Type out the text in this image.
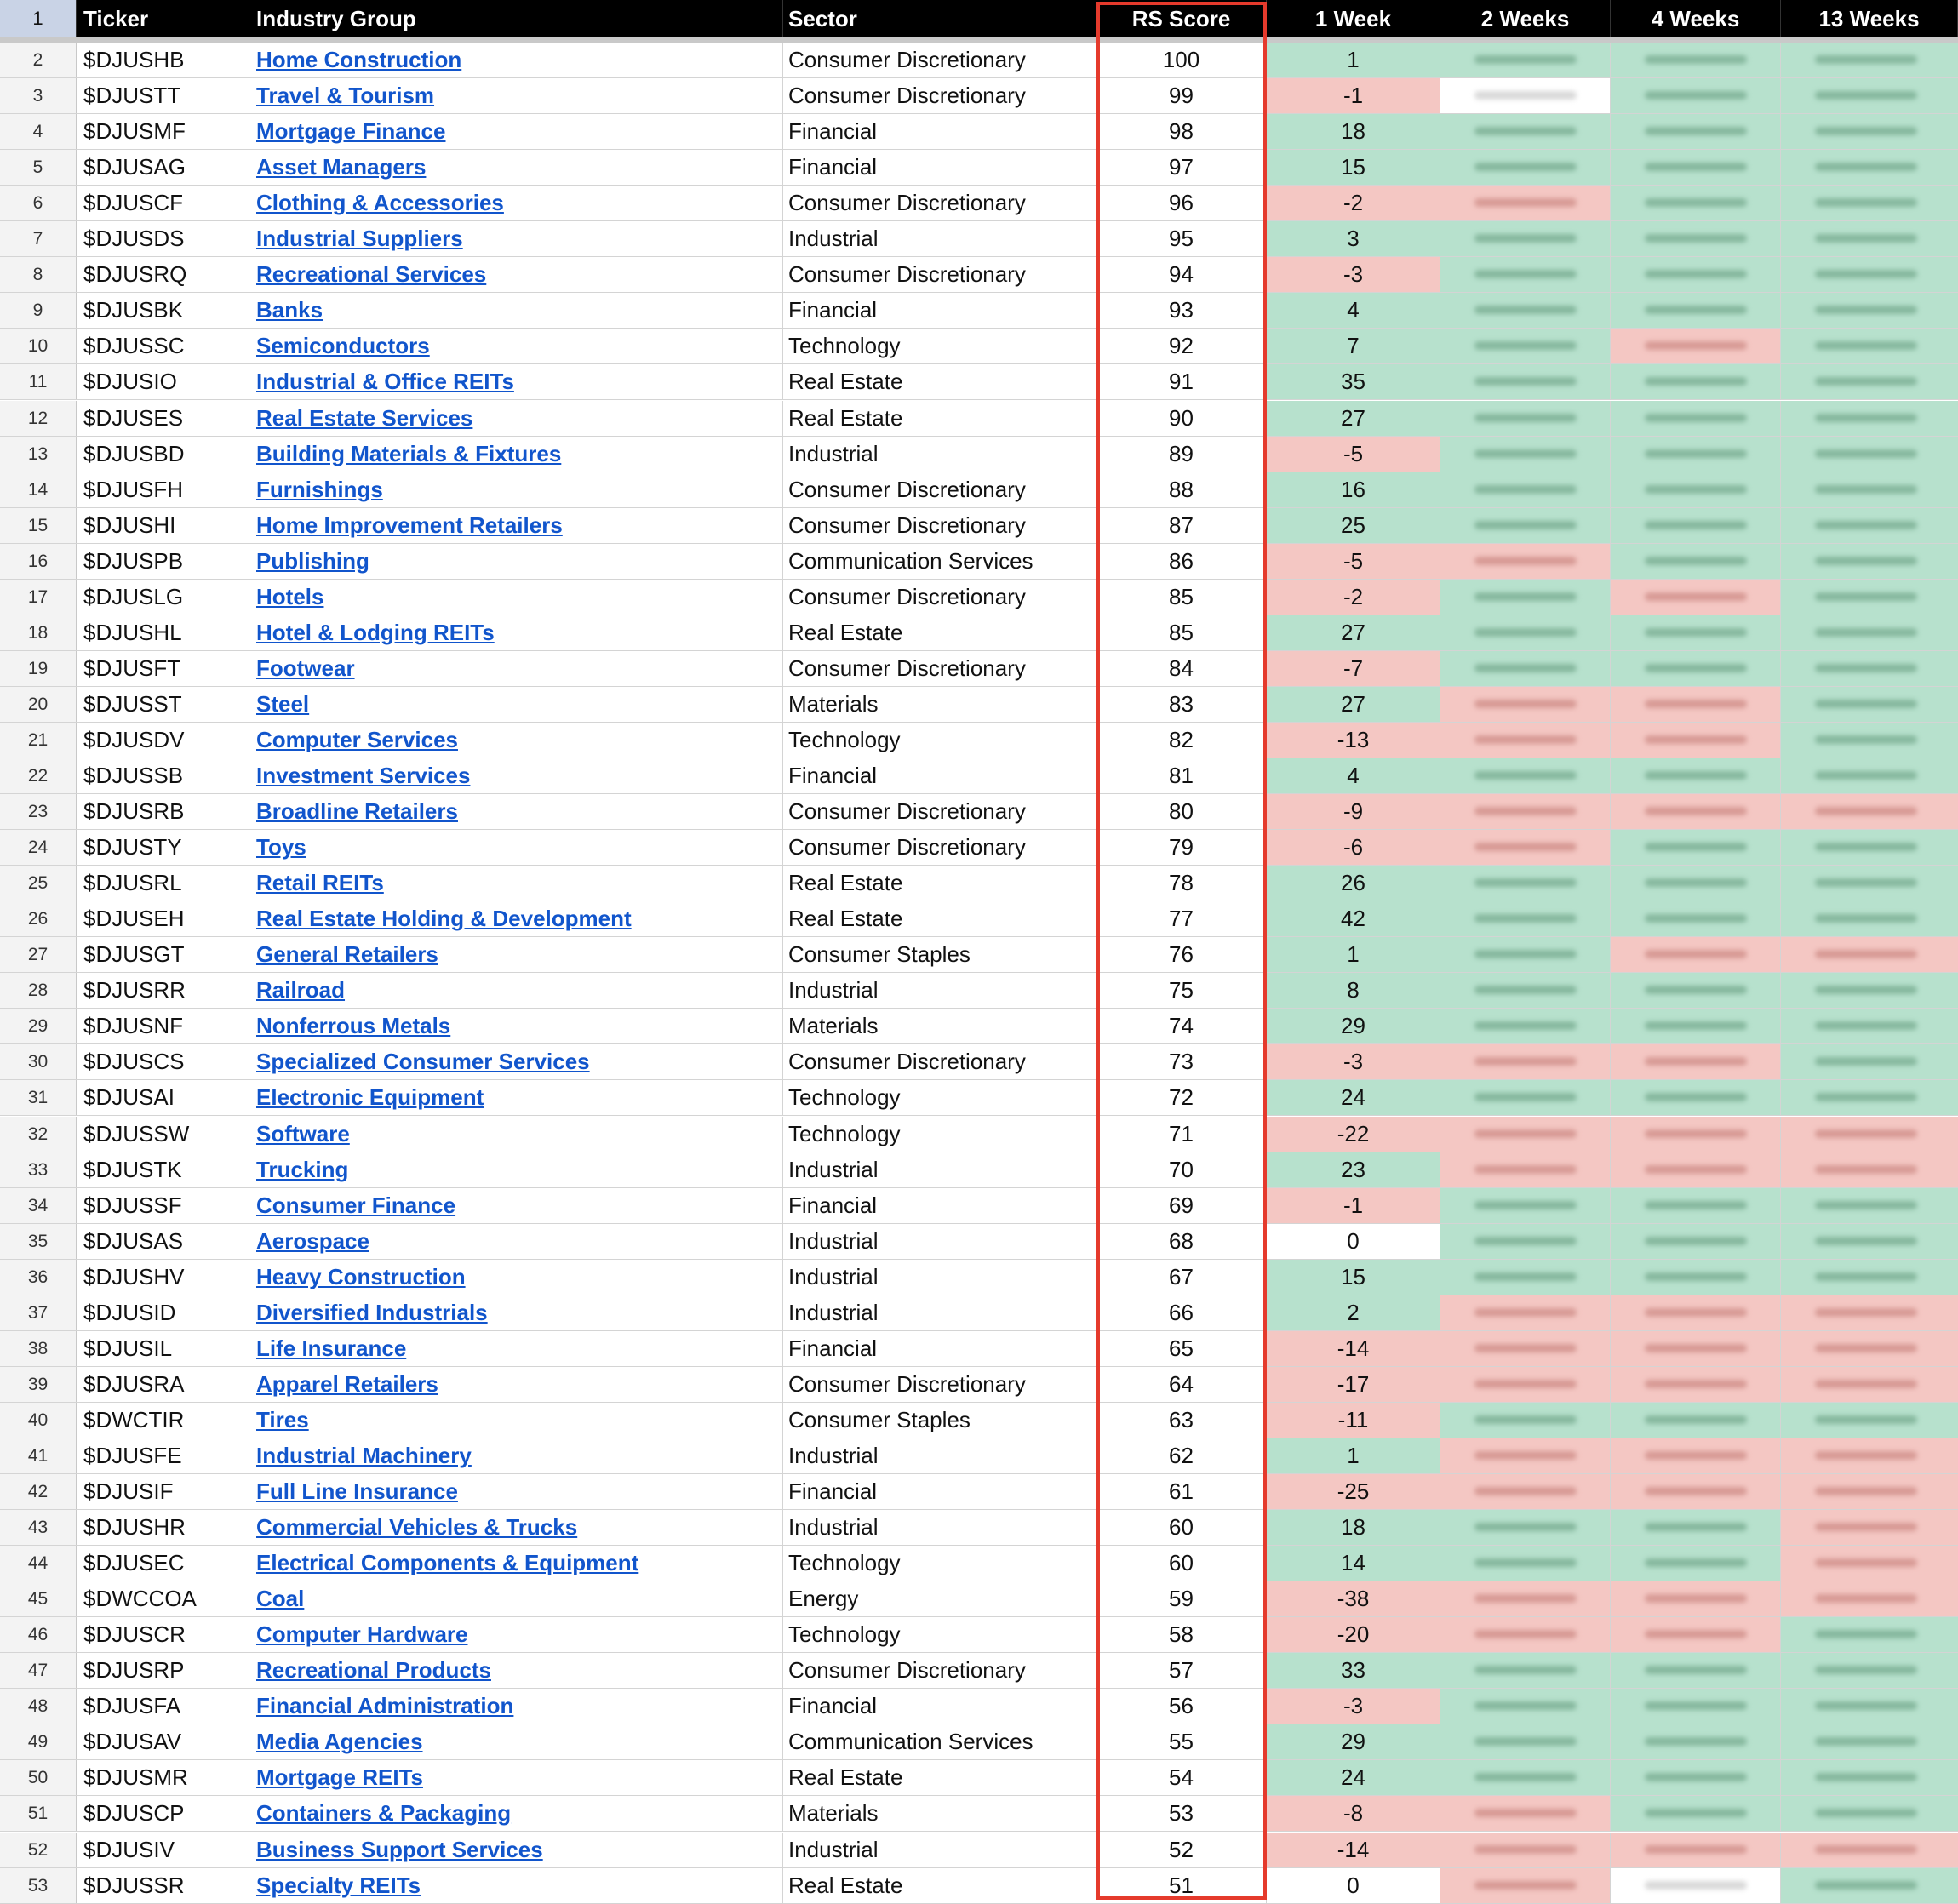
1	Ticker	Industry Group	Sector	RS Score	1 Week	2 Weeks	4 Weeks	13 Weeks
2	$DJUSHB	Home Construction	Consumer Discretionary	100	1
3	$DJUSTT	Travel & Tourism	Consumer Discretionary	99	-1
4	$DJUSMF	Mortgage Finance	Financial	98	18
5	$DJUSAG	Asset Managers	Financial	97	15
6	$DJUSCF	Clothing & Accessories	Consumer Discretionary	96	-2
7	$DJUSDS	Industrial Suppliers	Industrial	95	3
8	$DJUSRQ	Recreational Services	Consumer Discretionary	94	-3
9	$DJUSBK	Banks	Financial	93	4
10	$DJUSSC	Semiconductors	Technology	92	7
11	$DJUSIO	Industrial & Office REITs	Real Estate	91	35
12	$DJUSES	Real Estate Services	Real Estate	90	27
13	$DJUSBD	Building Materials & Fixtures	Industrial	89	-5
14	$DJUSFH	Furnishings	Consumer Discretionary	88	16
15	$DJUSHI	Home Improvement Retailers	Consumer Discretionary	87	25
16	$DJUSPB	Publishing	Communication Services	86	-5
17	$DJUSLG	Hotels	Consumer Discretionary	85	-2
18	$DJUSHL	Hotel & Lodging REITs	Real Estate	85	27
19	$DJUSFT	Footwear	Consumer Discretionary	84	-7
20	$DJUSST	Steel	Materials	83	27
21	$DJUSDV	Computer Services	Technology	82	-13
22	$DJUSSB	Investment Services	Financial	81	4
23	$DJUSRB	Broadline Retailers	Consumer Discretionary	80	-9
24	$DJUSTY	Toys	Consumer Discretionary	79	-6
25	$DJUSRL	Retail REITs	Real Estate	78	26
26	$DJUSEH	Real Estate Holding & Development	Real Estate	77	42
27	$DJUSGT	General Retailers	Consumer Staples	76	1
28	$DJUSRR	Railroad	Industrial	75	8
29	$DJUSNF	Nonferrous Metals	Materials	74	29
30	$DJUSCS	Specialized Consumer Services	Consumer Discretionary	73	-3
31	$DJUSAI	Electronic Equipment	Technology	72	24
32	$DJUSSW	Software	Technology	71	-22
33	$DJUSTK	Trucking	Industrial	70	23
34	$DJUSSF	Consumer Finance	Financial	69	-1
35	$DJUSAS	Aerospace	Industrial	68	0
36	$DJUSHV	Heavy Construction	Industrial	67	15
37	$DJUSID	Diversified Industrials	Industrial	66	2
38	$DJUSIL	Life Insurance	Financial	65	-14
39	$DJUSRA	Apparel Retailers	Consumer Discretionary	64	-17
40	$DWCTIR	Tires	Consumer Staples	63	-11
41	$DJUSFE	Industrial Machinery	Industrial	62	1
42	$DJUSIF	Full Line Insurance	Financial	61	-25
43	$DJUSHR	Commercial Vehicles & Trucks	Industrial	60	18
44	$DJUSEC	Electrical Components & Equipment	Technology	60	14
45	$DWCCOA	Coal	Energy	59	-38
46	$DJUSCR	Computer Hardware	Technology	58	-20
47	$DJUSRP	Recreational Products	Consumer Discretionary	57	33
48	$DJUSFA	Financial Administration	Financial	56	-3
49	$DJUSAV	Media Agencies	Communication Services	55	29
50	$DJUSMR	Mortgage REITs	Real Estate	54	24
51	$DJUSCP	Containers & Packaging	Materials	53	-8
52	$DJUSIV	Business Support Services	Industrial	52	-14
53	$DJUSSR	Specialty REITs	Real Estate	51	0
